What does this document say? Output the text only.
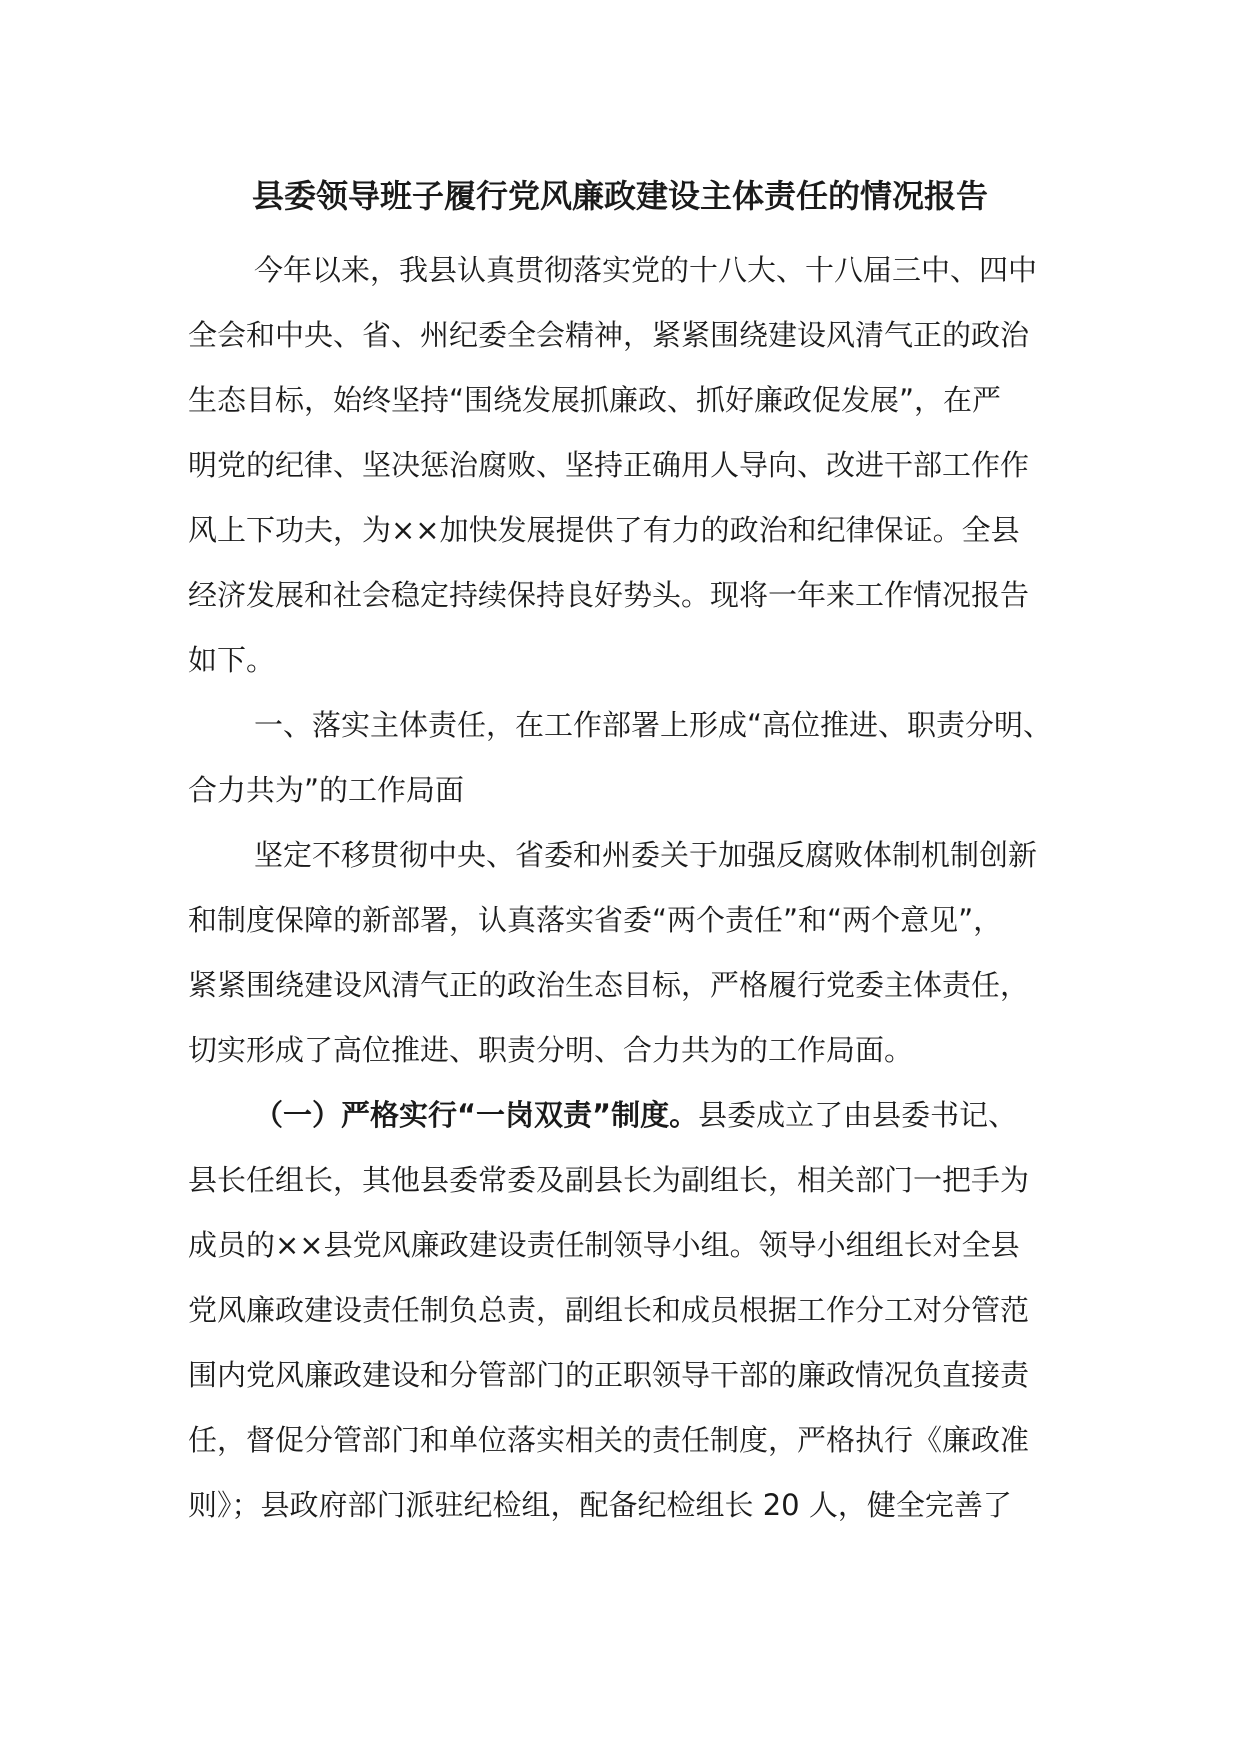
县委领导班子履行党风廉政建设主体责任的情况报告
今年以来，我县认真贯彻落实党的十八大、十八届三中、四中
全会和中央、省、州纪委全会精神，紧紧围绕建设风清气正的政治
生态目标，始终坚持“围绕发展抓廉政、抓好廉政促发展”，在严
明党的纪律、坚决惩治腐败、坚持正确用人导向、改进干部工作作
风上下功夫，为××加快发展提供了有力的政治和纪律保证。全县
经济发展和社会稳定持续保持良好势头。现将一年来工作情况报告
如下。
一、落实主体责任，在工作部署上形成“高位推进、职责分明、
合力共为”的工作局面
坚定不移贯彻中央、省委和州委关于加强反腐败体制机制创新
和制度保障的新部署，认真落实省委“两个责任”和“两个意见”，
紧紧围绕建设风清气正的政治生态目标，严格履行党委主体责任，
切实形成了高位推进、职责分明、合力共为的工作局面。
（一）严格实行“一岗双责”制度。县委成立了由县委书记、
县长任组长，其他县委常委及副县长为副组长，相关部门一把手为
成员的××县党风廉政建设责任制领导小组。领导小组组长对全县
党风廉政建设责任制负总责，副组长和成员根据工作分工对分管范
围内党风廉政建设和分管部门的正职领导干部的廉政情况负直接责
任，督促分管部门和单位落实相关的责任制度，严格执行《廉政准
则》；县政府部门派驻纪检组，配备纪检组长 20 人，健全完善了
